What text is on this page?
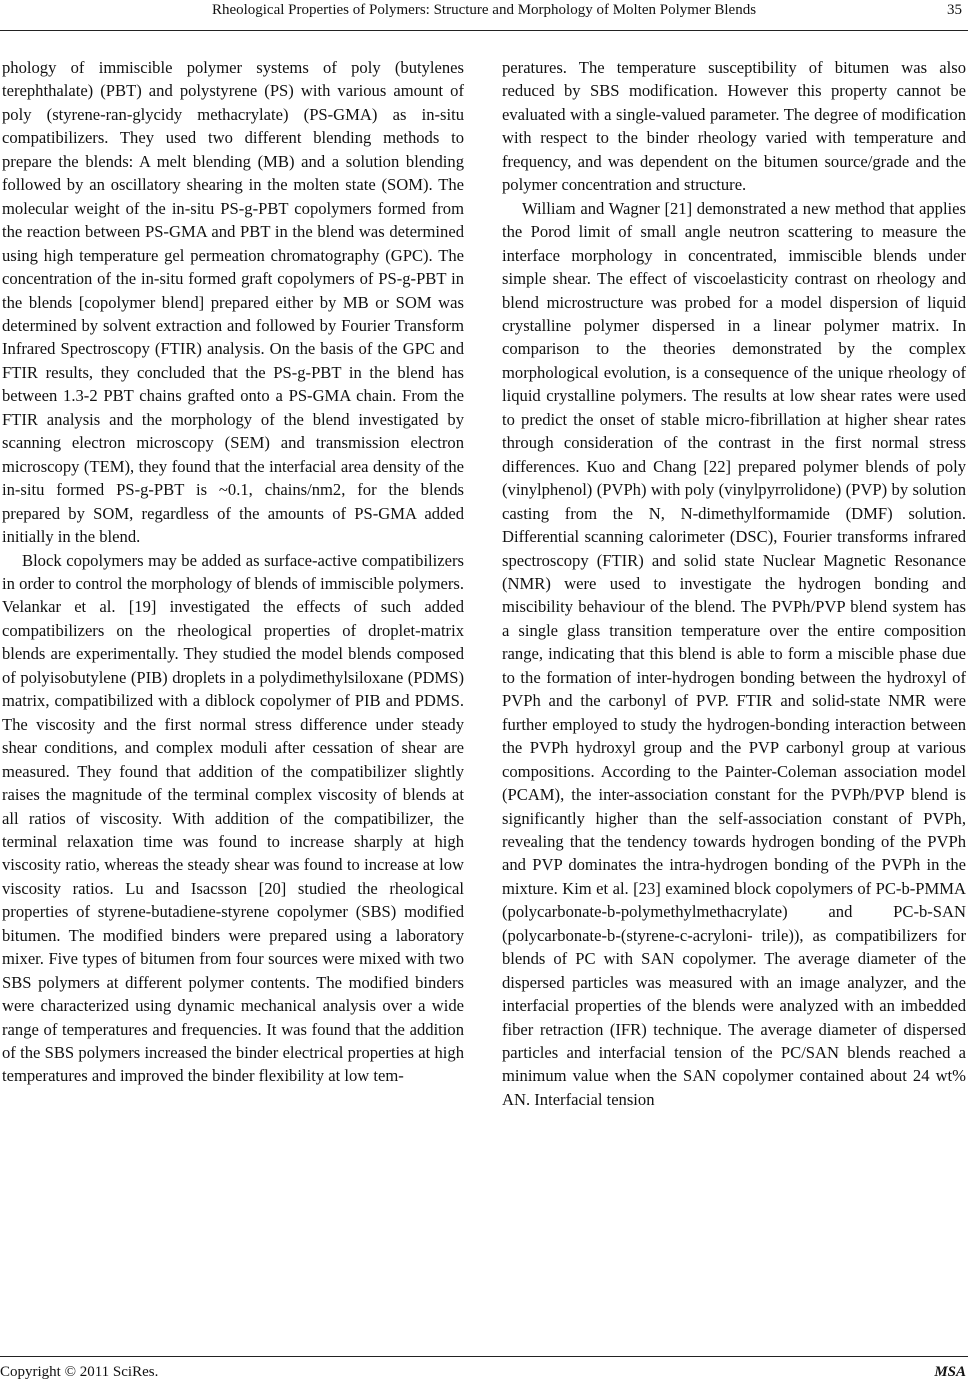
Rheological Properties of Polymers: Structure and Morphology of Molten Polymer Blends	35

phology of immiscible polymer systems of poly (butylenes terephthalate) (PBT) and polystyrene (PS) with various amount of poly (styrene-ran-glycidy methacrylate) (PS-GMA) as in-situ compatibilizers. They used two different blending methods to prepare the blends: A melt blending (MB) and a solution blending followed by an oscillatory shearing in the molten state (SOM). The molecular weight of the in-situ PS-g-PBT copolymers formed from the reaction between PS-GMA and PBT in the blend was determined using high temperature gel permeation chromatography (GPC). The concentration of the in-situ formed graft copolymers of PS-g-PBT in the blends [copolymer blend] prepared either by MB or SOM was determined by solvent extraction and followed by Fourier Transform Infrared Spectroscopy (FTIR) analysis. On the basis of the GPC and FTIR results, they concluded that the PS-g-PBT in the blend has between 1.3-2 PBT chains grafted onto a PS-GMA chain. From the FTIR analysis and the morphology of the blend investigated by scanning electron microscopy (SEM) and transmission electron microscopy (TEM), they found that the interfacial area density of the in-situ formed PS-g-PBT is ~0.1, chains/nm2, for the blends prepared by SOM, regardless of the amounts of PS-GMA added initially in the blend.

Block copolymers may be added as surface-active compatibilizers in order to control the morphology of blends of immiscible polymers. Velankar et al. [19] investigated the effects of such added compatibilizers on the rheological properties of droplet-matrix blends are experimentally. They studied the model blends composed of polyisobutylene (PIB) droplets in a polydimethylsiloxane (PDMS) matrix, compatibilized with a diblock copolymer of PIB and PDMS. The viscosity and the first normal stress difference under steady shear conditions, and complex moduli after cessation of shear are measured. They found that addition of the compatibilizer slightly raises the magnitude of the terminal complex viscosity of blends at all ratios of viscosity. With addition of the compatibilizer, the terminal relaxation time was found to increase sharply at high viscosity ratio, whereas the steady shear was found to increase at low viscosity ratios. Lu and Isacsson [20] studied the rheological properties of styrene-butadiene-styrene copolymer (SBS) modified bitumen. The modified binders were prepared using a laboratory mixer. Five types of bitumen from four sources were mixed with two SBS polymers at different polymer contents. The modified binders were characterized using dynamic mechanical analysis over a wide range of temperatures and frequencies. It was found that the addition of the SBS polymers increased the binder electrical properties at high temperatures and improved the binder flexibility at low tem-

peratures. The temperature susceptibility of bitumen was also reduced by SBS modification. However this property cannot be evaluated with a single-valued parameter. The degree of modification with respect to the binder rheology varied with temperature and frequency, and was dependent on the bitumen source/grade and the polymer concentration and structure.

William and Wagner [21] demonstrated a new method that applies the Porod limit of small angle neutron scattering to measure the interface morphology in concentrated, immiscible blends under simple shear. The effect of viscoelasticity contrast on rheology and blend microstructure was probed for a model dispersion of liquid crystalline polymer dispersed in a linear polymer matrix. In comparison to the theories demonstrated by the complex morphological evolution, is a consequence of the unique rheology of liquid crystalline polymers. The results at low shear rates were used to predict the onset of stable micro-fibrillation at higher shear rates through consideration of the contrast in the first normal stress differences. Kuo and Chang [22] prepared polymer blends of poly (vinylphenol) (PVPh) with poly (vinylpyrrolidone) (PVP) by solution casting from the N, N-dimethylformamide (DMF) solution. Differential scanning calorimeter (DSC), Fourier transforms infrared spectroscopy (FTIR) and solid state Nuclear Magnetic Resonance (NMR) were used to investigate the hydrogen bonding and miscibility behaviour of the blend. The PVPh/PVP blend system has a single glass transition temperature over the entire composition range, indicating that this blend is able to form a miscible phase due to the formation of inter-hydrogen bonding between the hydroxyl of PVPh and the carbonyl of PVP. FTIR and solid-state NMR were further employed to study the hydrogen-bonding interaction between the PVPh hydroxyl group and the PVP carbonyl group at various compositions. According to the Painter-Coleman association model (PCAM), the inter-association constant for the PVPh/PVP blend is significantly higher than the self-association constant of PVPh, revealing that the tendency towards hydrogen bonding of the PVPh and PVP dominates the intra-hydrogen bonding of the PVPh in the mixture. Kim et al. [23] examined block copolymers of PC-b-PMMA (polycarbonate-b-polymethylmethacrylate) and PC-b-SAN (polycarbonate-b-(styrene-c-acryloni- trile)), as compatibilizers for blends of PC with SAN copolymer. The average diameter of the dispersed particles was measured with an image analyzer, and the interfacial properties of the blends were analyzed with an imbedded fiber retraction (IFR) technique. The average diameter of dispersed particles and interfacial tension of the PC/SAN blends reached a minimum value when the SAN copolymer contained about 24 wt% AN. Interfacial tension

Copyright © 2011 SciRes.	MSA
